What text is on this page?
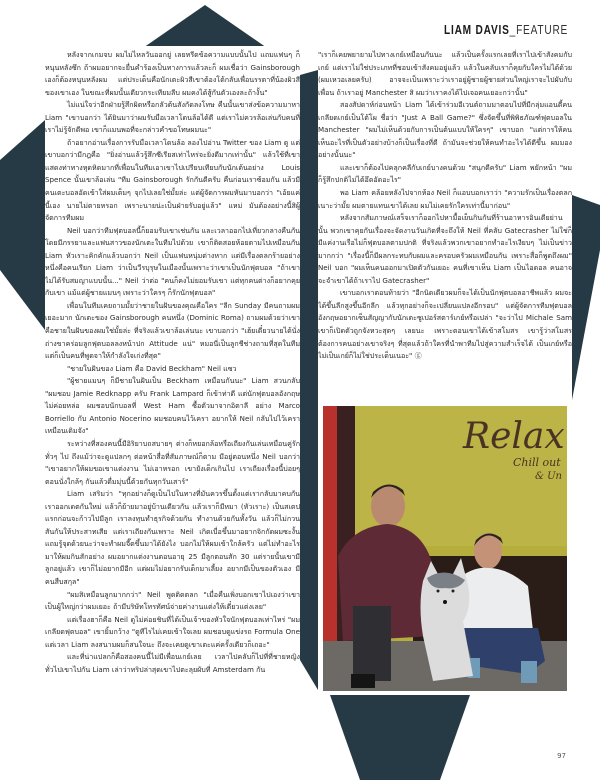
LIAM DAVIS_FEATURE

หลังจากเกมจบ ผมไม่ไหลวันออกยู่ เลยหรีดข้อความแบบนั้นไป แถมแฟนๆ ก็หนุนหลังซึก ถ้าผมอยากจะยื่นคำร้องเป็นทางการแล้วละก็ ผมเชื่อว่า Gainsborough เองก็ต้องหนุนหลังผม แต่ประเด็นคือนักเตะผิวสีเขาต้องโต้กลับเพื่อนรรตาที่น้องผิวสีของเขาเอง ในขณะที่ผมนั้นเดียวกระเทียมลีบ ผมคงได้สู้กันตัวเองละถ้างั้น"

ไม่แน่ใจว่าอีกฝ่ายรู้สึกผิดหรือกลัวต้นสังกัดลงโทษ คืนนั้นเขาส่งข้อความมาหา Liam "เขาบอกว่า ได้ยินมาว่าผมรับมือเวลาโดนล้อได้ดี แต่เราไม่ควรล้อเล่นกับคนที่เราไม่รู้จักดีพอ เขาก็แมนพอที่จะกล่าวคำขอโทษผมนะ"

ถ้าอยากอ่านเรื่องการรับมือเวลาโดนล้อ ลองไปอ่าน Twitter ของ Liam ดู แต่เขาบอกว่ามีกฎคือ "ยิ่งอ่านแล้วรู้สึกซีเรียสเท่าไหร่จะยิ่งดีมากเท่านั้น" แล้วใช้ที่เขาแสดงท่าทางหุดหิดมากที่เพื่อนในทีมเอาเขาไปเปรียบเทียบกับนักเต้นอย่าง Louis Spence นั้นเขาล้อเล่น "ทีม Gainsborough รักกันดีครับ คืนก่อนเราซ้อมกัน แล้วมีคนเตะบอลอัดเข้าใส่ผมเต็มๆ จุกไปเลยใช่มั้ยล่ะ แต่ผู้จัดการผมหันมาบอกว่า "เอ้ยแค่นี้เอง นายไม่ตายหรอก เพราะนายน่ะเป็นฝ่ายรับอยู่แล้ว" แหม่ มันต้องอย่างนี้สิผู้จัดการทีมผม

Neil บอกว่าทีมฟุตบอลนี้ก็ยอมรับเขาเช่นกัน และเวลาออกไปเที่ยวกลางคืนกันโดยมีภรรยาและแฟนสาวของนักเตะในทีมไปด้วย เขาก็ติดสอยห้อยตามไปเหมือนกัน Liam หัวเราะคิกคักแล้วบอกว่า Neil เป็นแฟนหนุ่มต่างหาก แต่มีเรื่องตลกร้ายอย่างหนึ่งคือคนเรียก Liam ว่าเป็นวีรบุรุษในเมืองนั้นเพราะว่าเขาเป็นนักฟุตบอล "ถ้าเขาไม่ได้รับสมญาแบบนั้น..." Neil ว่าต่อ "คนก็คงไม่ยอมรับเขา แต่ทุกคนต่างก็อยากคุยกับเขา แม้แต่ผู้ชายแมนๆ เพราะว่าใครๆ ก็รักนักฟุตบอล"

เพื่อนในทีมเคยถามมั้ยว่าชายในฝันของคุณคือใคร "ลีก Sunday มีคนถามผมเยอะมาก นักเตะของ Gainsborough คนหนึ่ง (Dominic Roma) ถามผมด้วยว่าเขาคือชายในฝันของผมใช่มั้ยล่ะ ที่จริงแล้วเขาล้อเล่นนะ เขาบอกว่า "เฮ้ยเดี๋ยวนายได้นั่งถ่างขาคร่อมลูกฟุตบอลลงหน้าปก Attitude แน่" หมอนี่เป็นลูกชีช่างถามที่สุดในทีม แต่ก็เป็นคนที่พูดจาให้กำลังใจเก่งที่สุด"

"ชายในฝันของ Liam คือ David Beckham" Neil แซว

"ผู้ชายแมนๆ ก็มีชายในฝันเป็น Beckham เหมือนกันนะ" Liam สวนกลับ "ผมชอบ Jamie Redknapp ครับ Frank Lampard ก็เข้าท่าดี แต่นักฟุตบอลอังกฤษไม่ค่อยหล่อ ผมชอบนักบอลที่ West Ham ซื้อตัวมาจากอิตาลี อย่าง Marco Borriello กับ Antonio Nocerino ผมชอบคนไว้เครา อยากให้ Neil กลับไปไว้เคราเหมือนเดิมจัง"

ระหว่างที่สองคนนี้มีอิริยาบถสบายๆ ต่างก็หยอกล้อหรือเถียงกันเล่นเหมือนคู่รักทั่วๆ ไป ถึงแม้ว่าจะดูแปลกๆ ต่อหน้าสื่อที่สัมภาษณ์ก็ตาม มีอยู่ตอนหนึ่ง Neil บอกว่า "เขาอยากให้ผมขอเขาแต่งงาน ไม่เอาหรอก เขายังเด็กเกินไป เราเถียงเรื่องนี้บ่อยๆ ตอนนั่งใกล้ๆ กันแล้วดื่มมุ่นนี้ด้วยกันทุกวันเสาร์"

Liam เสริมว่า "ทุกอย่างก็ดูเป็นไปในทางที่มันควรขึ้นตั้งแต่เรากลับมาคบกัน เราออกเดตกันใหม่ แล้วก็ย้ายมาอยู่บ้านเดียวกัน แล้วเราก็มีหมา (หัวเราะ) เป็นสเตปแรกก่อนจะก้าวไปมีลูก เราลงทุนทำธุรกิจด้วยกัน ทำงานด้วยกันทั้งวัน แล้วก็ไม่กวนสันกันให้ประสาทเสีย แต่เราเถียงกันเพราะ Neil เกิดเบื่อขึ้นมาอยากจิกกัดผมซะงั้น แถมรู้จุดด้วยนะว่าจะทำผมจี๊ดขึ้นมาได้ยังไง บอกไม่ให้ผมเข้าใกล้ครัว แต่ไม่ทำอะไรมาให้ผมกินสักอย่าง ผมอยากแต่งงานตอนอายุ 25 มีลูกตอนสัก 30 แต่รายนั้นเขามีลูกอยู่แล้ว เขาก็ไม่อยากมีอีก แต่ผมไม่อยากรับเด็กมาเลี้ยง อยากมีเป็นของตัวเอง มีคนสืบสกุล"

"ผมสิเหมือนลูกมากกว่า" Neil พูดติดตลก "เมื่อคืนเพิ่งบอกเขาไปเองว่าเขาเป็นผู้ใหญ่กว่าผมเยอะ ถ้ามีบริษัทโทรทัศน์จ่ายค่างานแต่งให้เดี๋ยวแต่งเลย"

แต่เรื่องฮาก็คือ Neil ดูไม่ค่อยชินที่ได้เป็นเจ้าของหัวใจนักฟุตบอลเท่าไหร่ "ผมเกลียดฟุตบอล" เขายิ้มกว้าง "ดูทีไรไม่เคยเข้าใจเลย ผมชอบดูแข่งรถ Formula One แต่เวลา Liam ลงสนามผมก็สนใจนะ ถึงจะเคยดูเขาเตะแค่ครั้งเดียวก็เถอะ"

และที่น่าแปลกก็คือสองคนนี้ไม่มีเพื่อนเกย์เลย เวลาไปคลับก็ไปที่ที่ชายหญิงทั่วไปเขาไปกัน Liam เล่าว่าทริปล่าสุดเขาไปตะลุยผับที่ Amsterdam กัน

"เราก็เคยพยายามไปทางเกย์เหมือนกันนะ แล้วเป็นครั้งแรกเลยที่เราไปเข้าสังคมกับเกย์ แต่เราไม่ใช่ประเภทที่ชอบเข้าสังคมอยู่แล้ว แล้วในคลับเราก็คุยกับใครไม่ได้ด้วย (ผมเหวอเลยครับ) อาจจะเป็นเพราะว่าเราอยู่ผู้ชายผู้ชายส่วนใหญ่เราจะไปผับกับเพื่อน ถ้าเราอยู่ Manchester สิ ผมว่าเราคงได้ไปเจอคนเยอะกว่านั้น"

สองสัปดาห์ก่อนหน้า Liam ได้เข้าร่วมอีเวนต์ถามมาตอบไปที่มีกลุ่มแอนตี้คนเกลียดเกย์เป็นโต้โผ ชื่อว่า "Just A Ball Game?" ซึ่งจัดขึ้นที่พิพิธภัณฑ์ฟุตบอลใน Manchester "ผมไม่เห็นด้วยกับการเป็นต้นแบบให้ใครๆ" เขาบอก "แต่การให้คนเห็นอะไรที่เป็นตัวอย่างบ้างก็เป็นเรื่องที่ดี ถ้ามันจะช่วยให้คนทำอะไรได้ดีขึ้น ผมมองอย่างนั้นนะ"

และเขาก็ต้องไปคลุกคลีกับเกย์บางคนด้วย "สนุกดีครับ" Liam พยักหน้า "ผมก็รู้สึกปกติไม่ได้อึดอัดอะไร"

พอ Liam คล้อยหลังไปจากห้อง Neil ก็แอบบอกเราว่า "ความรักเป็นเรื่องตลกเนาะว่ามั้ย ผมตายแทนเขาได้เลย ผมไม่เคยรักใครเท่านี้มาก่อน"

หลังจากสัมภาษณ์เสร็จเราก็ออกไปหามื้อเย็นกินกันที่ร้านอาหารอินเดียย่านนั้น พวกเขาคุยกันเรื่องจะจัดงานวันเกิดที่จะถึงให้ Neil ที่คลับ Gatecrasher ไม่ใช่ก็มีแค่งานเรือไม่ก็ฟุตบอลตามปกติ ที่จริงแล้วพวกเขาอยากทำอะไรเงียบๆ ไม่เป็นข่าวมากกว่า "เรื่องนี้ก็มีผลกระทบกับผมและครอบครัวผมเหมือนกัน เพราะสื่อก็พูดถึงผม" Neil บอก "ผมเห็นคนออกมาเปิดตัวกันเยอะ คนที่เขาเห็น Liam เป็นไอดอล คนอาจจะจำเขาได้ถ้าเราไป Gatecrasher"

เขาบอกเราตอนท้ายว่า "อีกนิดเดียวผมก็จะได้เป็นนักฟุตบอลอาชีพแล้ว ผมจะได้ขึ้นลีกสูงขึ้นอีกลีก แล้วทุกอย่างก็จะเปลี่ยนแปลงอีกรอบ" แต่ผู้จัดการทีมฟุตบอลอังกฤษอยากเซ็นสัญญากับนักเตะซูเปอร์สตาร์เกย์หรือเปล่า "จะว่าไป Michale Sam เขาก็เปิดตัวถูกจังหวะสุดๆ เลยนะ เพราะตอนเขาได้เข้าสโมสร เขารู้ว่าสโมสรต้องการคนอย่างเขาจริงๆ ที่สุดแล้วถ้าใครที่นำพาทีมไปสู่ความสำเร็จได้ เป็นเกย์หรือไม่เป็นเกย์ก็ไม่ใช่ประเด็นเนอะ" ⓖ

Relax
Chill out
& Un
97
